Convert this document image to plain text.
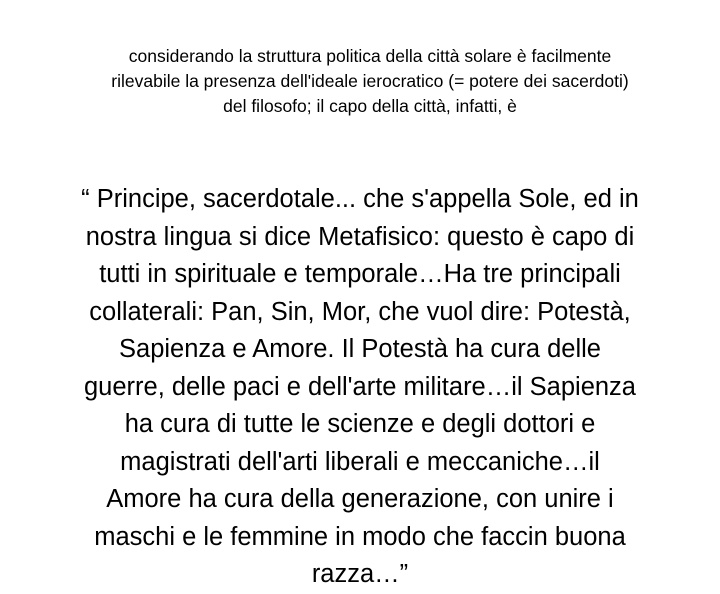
considerando la struttura politica della città solare è facilmente
rilevabile la presenza dell'ideale ierocratico (= potere dei sacerdoti)
del filosofo; il capo della città, infatti, è
“ Principe, sacerdotale... che s'appella Sole, ed in
nostra lingua si dice Metafisico: questo è capo di
tutti in spirituale e temporale…Ha tre principali
collaterali: Pan, Sin, Mor, che vuol dire: Potestà,
Sapienza e Amore. Il Potestà ha cura delle
guerre, delle paci e dell'arte militare…il Sapienza
ha cura di tutte le scienze e degli dottori e
magistrati dell'arti liberali e meccaniche…il
Amore ha cura della generazione, con unire i
maschi e le femmine in modo che faccin buona
razza…”
